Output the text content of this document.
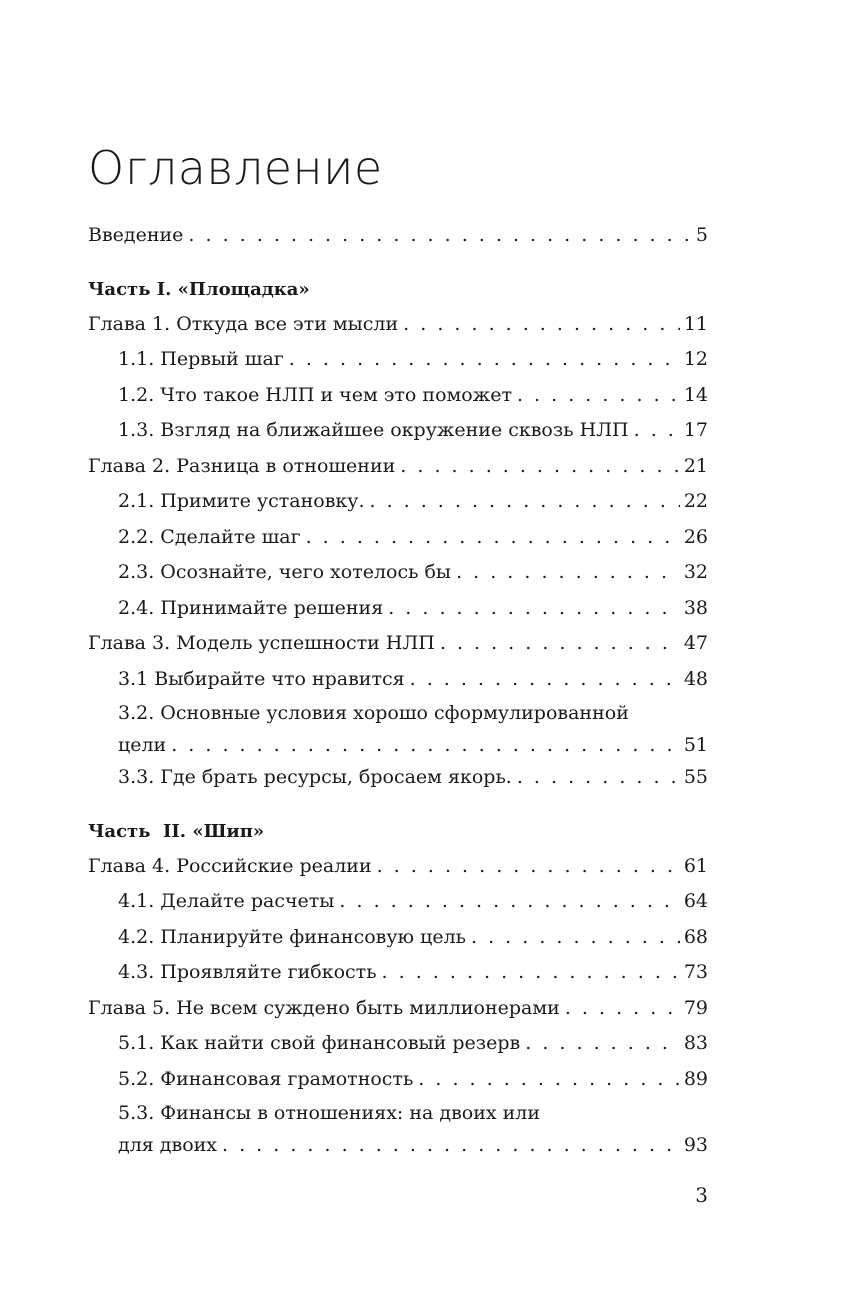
Оглавление
Введение . . .	5
Часть I. «Площадка»
Глава 1. Откуда все эти мысли . . .	11
1.1. Первый шаг . . .	12
1.2. Что такое НЛП и чем это поможет . . .	14
1.3. Взгляд на ближайшее окружение сквозь НЛП . . .	17
Глава 2. Разница в отношении . . .	21
2.1. Примите установку. . . .	22
2.2. Сделайте шаг . . .	26
2.3. Осознайте, чего хотелось бы . . .	32
2.4. Принимайте решения . . .	38
Глава 3. Модель успешности НЛП . . .	47
3.1 Выбирайте что нравится . . .	48
3.2. Основные условия хорошо сформулированной
цели . . .	51
3.3. Где брать ресурсы, бросаем якорь. . . .	55
Часть  II. «Шип»
Глава 4. Российские реалии . . .	61
4.1. Делайте расчеты . . .	64
4.2. Планируйте финансовую цель . . .	68
4.3. Проявляйте гибкость . . .	73
Глава 5. Не всем суждено быть миллионерами . . .	79
5.1. Как найти свой финансовый резерв . . .	83
5.2. Финансовая грамотность . . .	89
5.3. Финансы в отношениях: на двоих или
для двоих . . .	93
3
